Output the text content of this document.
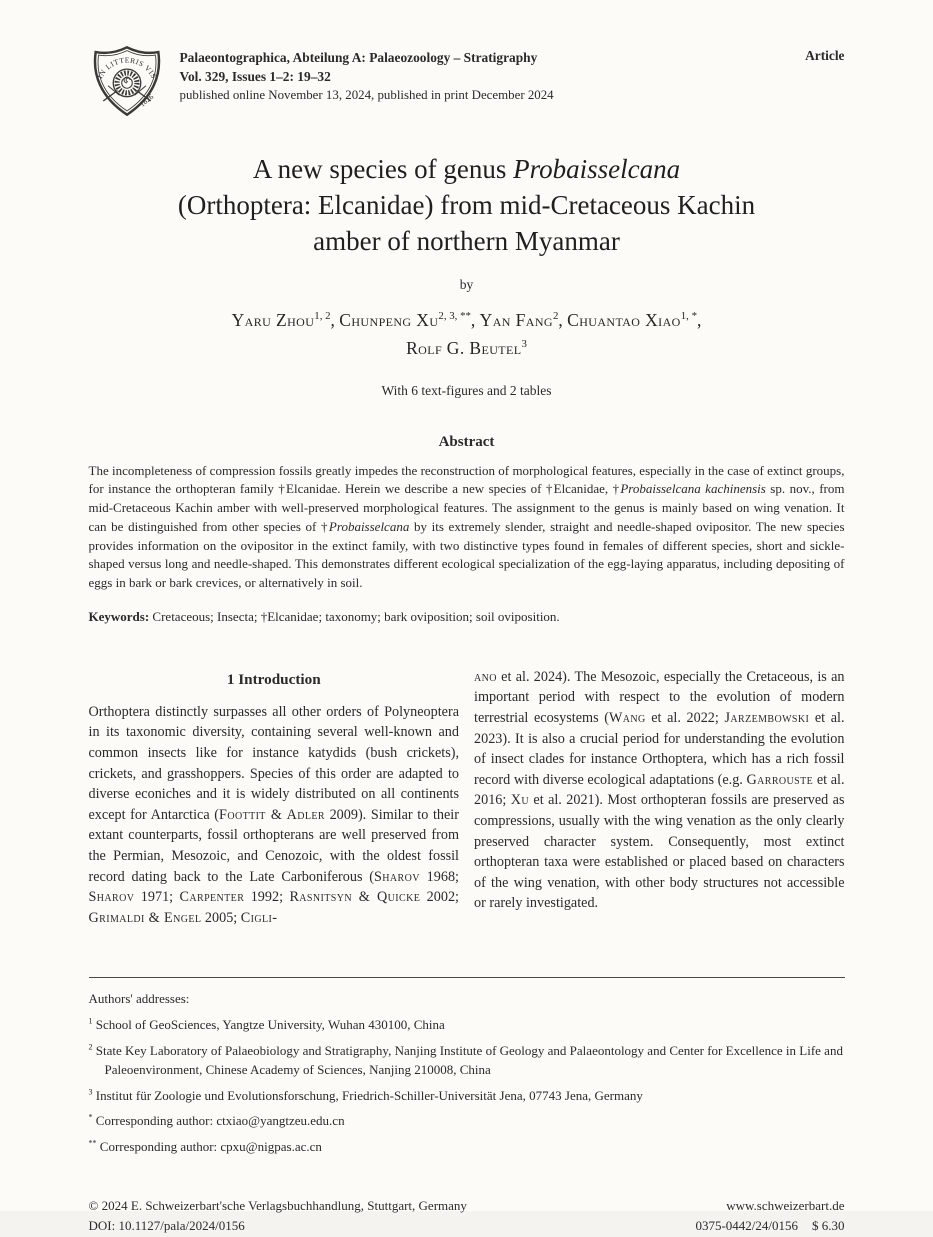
IN LITTERIS VIS
1826
Palaeontographica, Abteilung A: Palaeozoology – Stratigraphy
Vol. 329, Issues 1–2: 19–32
published online November 13, 2024, published in print December 2024
Article
A new species of genus Probaisselcana
(Orthoptera: Elcanidae) from mid-Cretaceous Kachin
amber of northern Myanmar
by
Yaru Zhou$^{1, 2}$, Chunpeng $Xu^{2, 3, **}$, Yan Fang$^2$, Chuantao Xiao$^{1, *}$,
Rolf G. Beutel$^3$
With 6 text-figures and 2 tables
Abstract
The incompleteness of compression fossils greatly impedes the reconstruction of morphological features, especially in the case of extinct groups, for instance the orthopteran family †Elcanidae. Herein we describe a new species of †Elcanidae, †Probaisselcana kachinensis sp. nov., from mid-Cretaceous Kachin amber with well-preserved morphological features. The assignment to the genus is mainly based on wing venation. It can be distinguished from other species of †Probaisselcana by its extremely slender, straight and needle-shaped ovipositor. The new species provides information on the ovipositor in the extinct family, with two distinctive types found in females of different species, short and sickle-shaped versus long and needle-shaped. This demonstrates different ecological specialization of the egg-laying apparatus, including depositing of eggs in bark or bark crevices, or alternatively in soil.
Keywords: Cretaceous; Insecta; †Elcanidae; taxonomy; bark oviposition; soil oviposition.
1 Introduction
Orthoptera distinctly surpasses all other orders of Polyneoptera in its taxonomic diversity, containing several well-known and common insects like for instance katydids (bush crickets), crickets, and grasshoppers. Species of this order are adapted to diverse econiches and it is widely distributed on all continents except for Antarctica (Foottit & Adler 2009). Similar to their extant counterparts, fossil orthopterans are well preserved from the Permian, Mesozoic, and Cenozoic, with the oldest fossil record dating back to the Late Carboniferous (Sharov 1968; Sharov 1971; Carpenter 1992; Rasnitsyn & Quicke 2002; Grimaldi & Engel 2005; Cigli-
ano et al. 2024). The Mesozoic, especially the Cretaceous, is an important period with respect to the evolution of modern terrestrial ecosystems (Wang et al. 2022; Jarzembowski et al. 2023). It is also a crucial period for understanding the evolution of insect clades for instance Orthoptera, which has a rich fossil record with diverse ecological adaptations (e.g. Garrouste et al. 2016; Xu et al. 2021). Most orthopteran fossils are preserved as compressions, usually with the wing venation as the only clearly preserved character system. Consequently, most extinct orthopteran taxa were established or placed based on characters of the wing venation, with other body structures not accessible or rarely investigated.
Authors' addresses:
$^1$ School of GeoSciences, Yangtze University, Wuhan 430100, China
$^2$ State Key Laboratory of Palaeobiology and Stratigraphy, Nanjing Institute of Geology and Palaeontology and Center for Excellence in Life and Paleoenvironment, Chinese Academy of Sciences, Nanjing 210008, China
$^3$ Institut für Zoologie und Evolutionsforschung, Friedrich-Schiller-Universität Jena, 07743 Jena, Germany
* Corresponding author: ctxiao@yangtzeu.edu.cn
** Corresponding author: cpxu@nigpas.ac.cn
© 2024 E. Schweizerbart'sche Verlagsbuchhandlung, Stuttgart, Germany
DOI: 10.1127/pala/2024/0156
www.schweizerbart.de
0375-0442/24/0156 $ 6.30
